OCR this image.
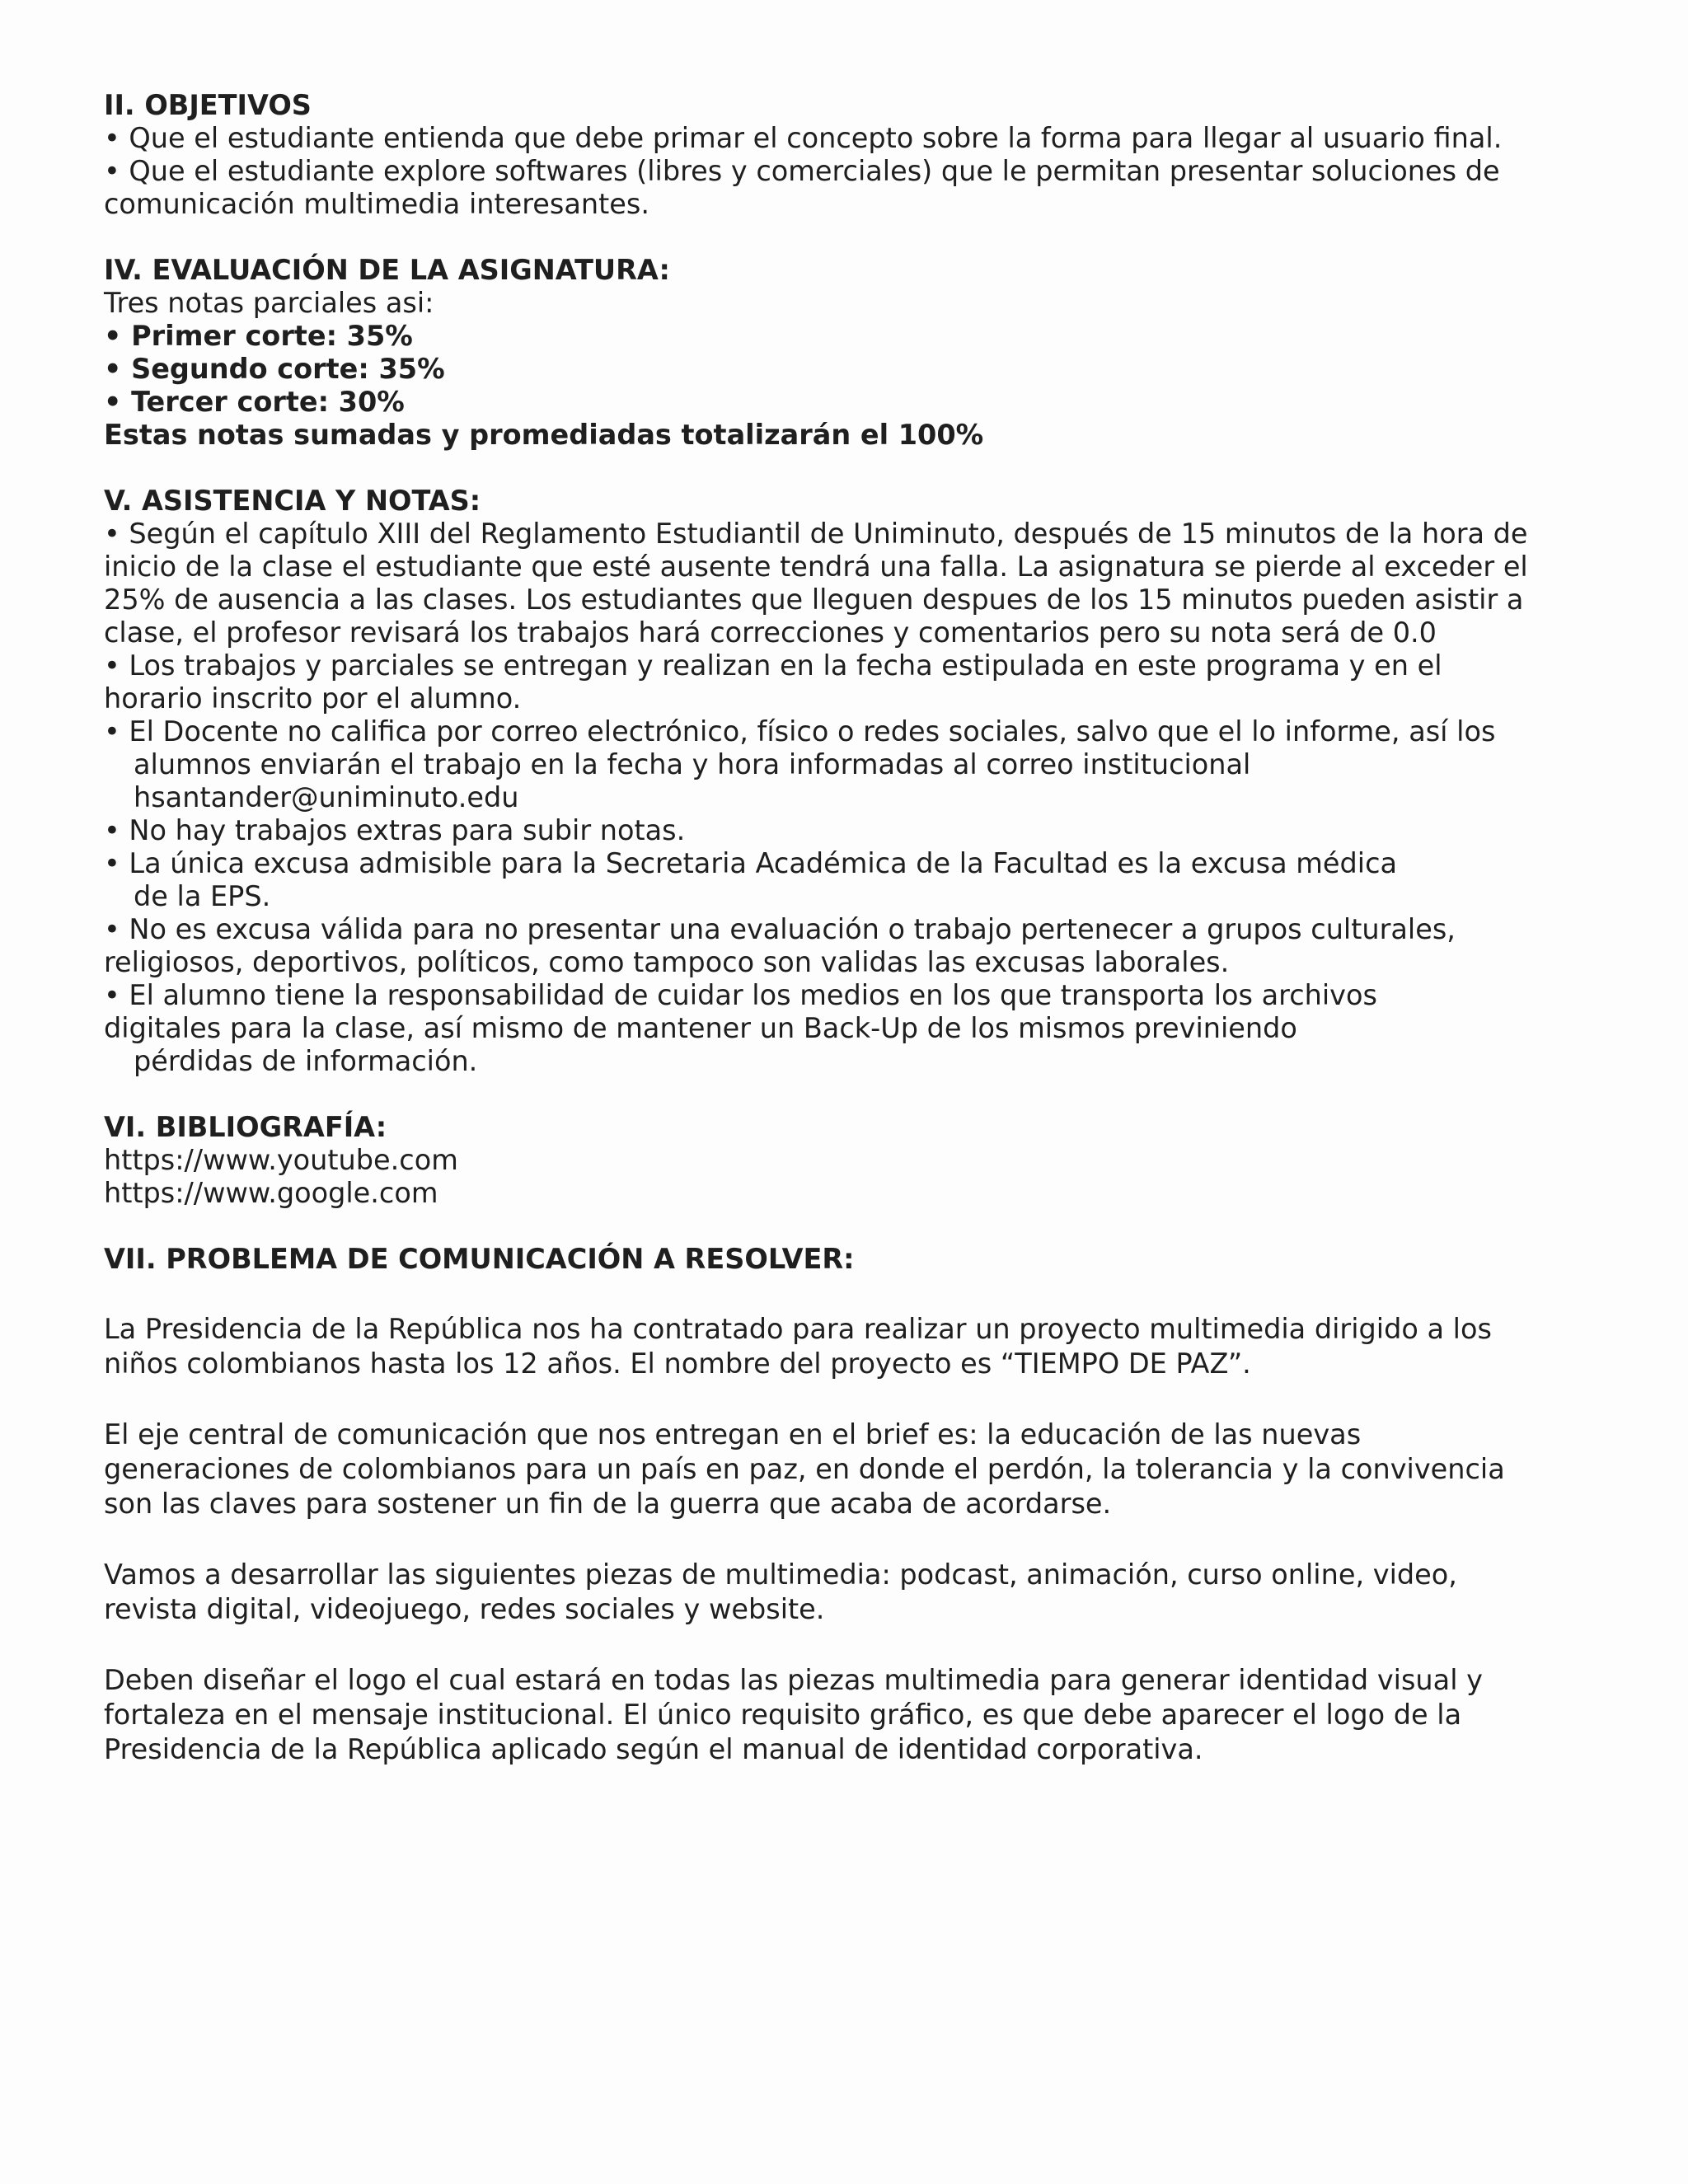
II. OBJETIVOS

• Que el estudiante entienda que debe primar el concepto sobre la forma para llegar al usuario final.

• Que el estudiante explore softwares (libres y comerciales) que le permitan presentar soluciones de

comunicación multimedia interesantes.

IV. EVALUACIÓN DE LA ASIGNATURA:

Tres notas parciales asi:

• Primer corte: 35%

• Segundo corte: 35%

• Tercer corte: 30%

Estas notas sumadas y promediadas totalizarán el 100%

V. ASISTENCIA Y NOTAS:

• Según el capítulo XIII del Reglamento Estudiantil de Uniminuto, después de 15 minutos de la hora de

inicio de la clase el estudiante que esté ausente tendrá una falla. La asignatura se pierde al exceder el

25% de ausencia a las clases. Los estudiantes que lleguen despues de los 15 minutos pueden asistir a

clase, el profesor revisará los trabajos hará correcciones y comentarios pero su nota será de 0.0

• Los trabajos y parciales se entregan y realizan en la fecha estipulada en este programa y en el

horario inscrito por el alumno.

• El Docente no califica por correo electrónico, físico o redes sociales, salvo que el lo informe, así los

alumnos enviarán el trabajo en la fecha y hora informadas al correo institucional

hsantander@uniminuto.edu

• No hay trabajos extras para subir notas.

• La única excusa admisible para la Secretaria Académica de la Facultad es la excusa médica

de la EPS.

• No es excusa válida para no presentar una evaluación o trabajo pertenecer a grupos culturales,

religiosos, deportivos, políticos, como tampoco son validas las excusas laborales.

• El alumno tiene la responsabilidad de cuidar los medios en los que transporta los archivos

digitales para la clase, así mismo de mantener un Back-Up de los mismos previniendo

pérdidas de información.

VI. BIBLIOGRAFÍA:

https://www.youtube.com

https://www.google.com

VII. PROBLEMA DE COMUNICACIÓN A RESOLVER:

La Presidencia de la República nos ha contratado para realizar un proyecto multimedia dirigido a los

niños colombianos hasta los 12 años. El nombre del proyecto es “TIEMPO DE PAZ”.

El eje central de comunicación que nos entregan en el brief es: la educación de las nuevas

generaciones de colombianos para un país en paz, en donde el perdón, la tolerancia y la convivencia

son las claves para sostener un fin de la guerra que acaba de acordarse.

Vamos a desarrollar las siguientes piezas de multimedia: podcast, animación, curso online, video,

revista digital, videojuego, redes sociales y website.

Deben diseñar el logo el cual estará en todas las piezas multimedia para generar identidad visual y

fortaleza en el mensaje institucional. El único requisito gráfico, es que debe aparecer el logo de la

Presidencia de la República aplicado según el manual de identidad corporativa.
